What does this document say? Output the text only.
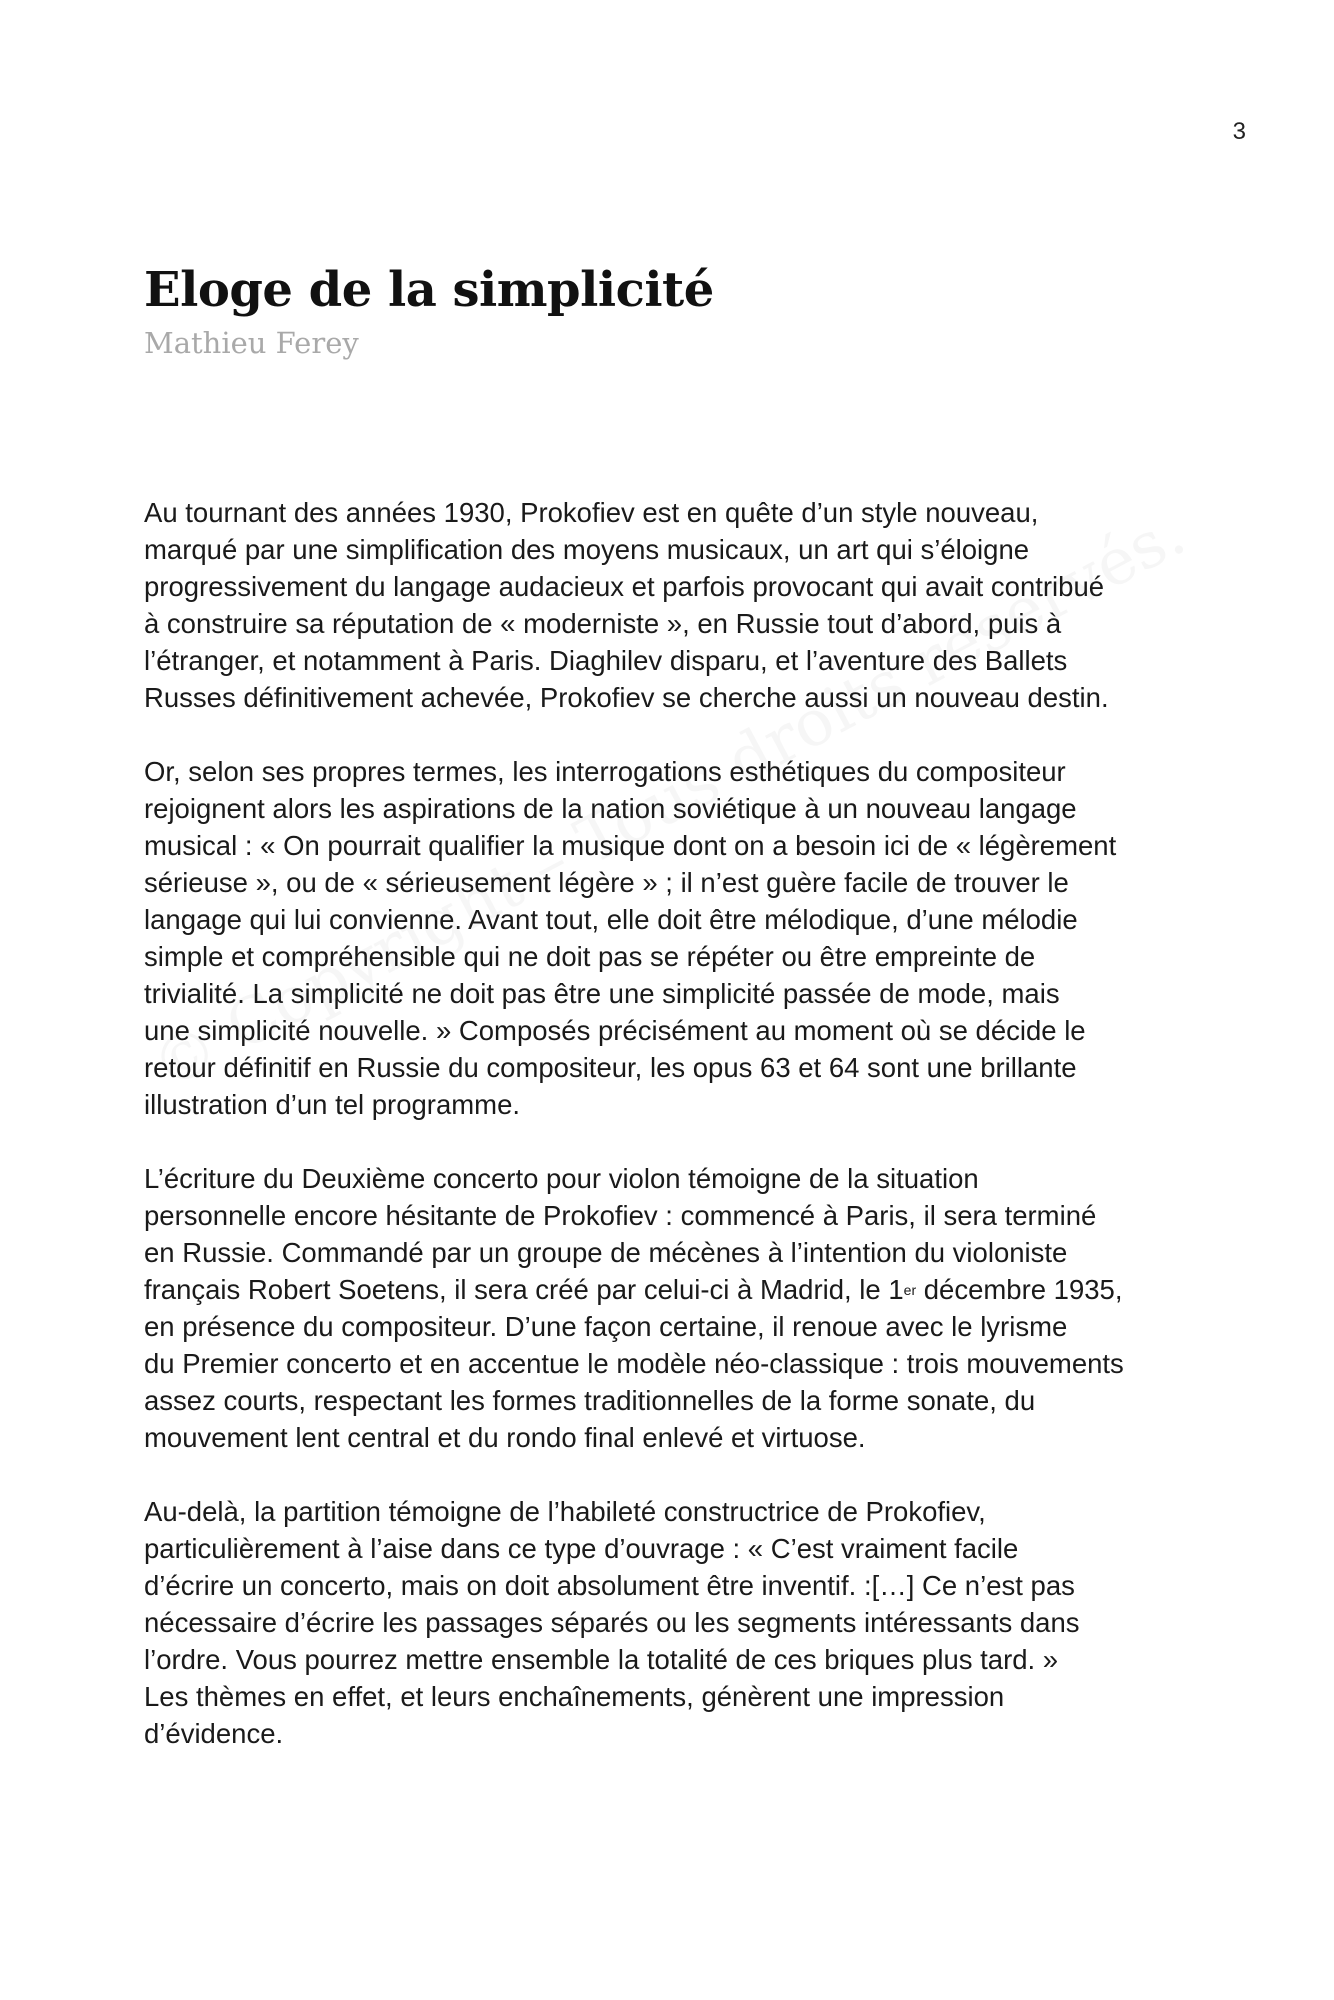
3
Eloge de la simplicité
Mathieu Ferey

Au tournant des années 1930, Prokofiev est en quête d’un style nouveau,
marqué par une simplification des moyens musicaux, un art qui s’éloigne
progressivement du langage audacieux et parfois provocant qui avait contribué
à construire sa réputation de « moderniste », en Russie tout d’abord, puis à
l’étranger, et notamment à Paris. Diaghilev disparu, et l’aventure des Ballets
Russes définitivement achevée, Prokofiev se cherche aussi un nouveau destin.

Or, selon ses propres termes, les interrogations esthétiques du compositeur
rejoignent alors les aspirations de la nation soviétique à un nouveau langage
musical : « On pourrait qualifier la musique dont on a besoin ici de « légèrement
sérieuse », ou de « sérieusement légère » ; il n’est guère facile de trouver le
langage qui lui convienne. Avant tout, elle doit être mélodique, d’une mélodie
simple et compréhensible qui ne doit pas se répéter ou être empreinte de
trivialité. La simplicité ne doit pas être une simplicité passée de mode, mais
une simplicité nouvelle. » Composés précisément au moment où se décide le
retour définitif en Russie du compositeur, les opus 63 et 64 sont une brillante
illustration d’un tel programme.

L’écriture du Deuxième concerto pour violon témoigne de la situation
personnelle encore hésitante de Prokofiev : commencé à Paris, il sera terminé
en Russie. Commandé par un groupe de mécènes à l’intention du violoniste
français Robert Soetens, il sera créé par celui-ci à Madrid, le 1er décembre 1935,
en présence du compositeur. D’une façon certaine, il renoue avec le lyrisme
du Premier concerto et en accentue le modèle néo-classique : trois mouvements
assez courts, respectant les formes traditionnelles de la forme sonate, du
mouvement lent central et du rondo final enlevé et virtuose.

Au-delà, la partition témoigne de l’habileté constructrice de Prokofiev,
particulièrement à l’aise dans ce type d’ouvrage : « C’est vraiment facile
d’écrire un concerto, mais on doit absolument être inventif. :[…] Ce n’est pas
nécessaire d’écrire les passages séparés ou les segments intéressants dans
l’ordre. Vous pourrez mettre ensemble la totalité de ces briques plus tard. »
Les thèmes en effet, et leurs enchaînements, génèrent une impression
d’évidence.
